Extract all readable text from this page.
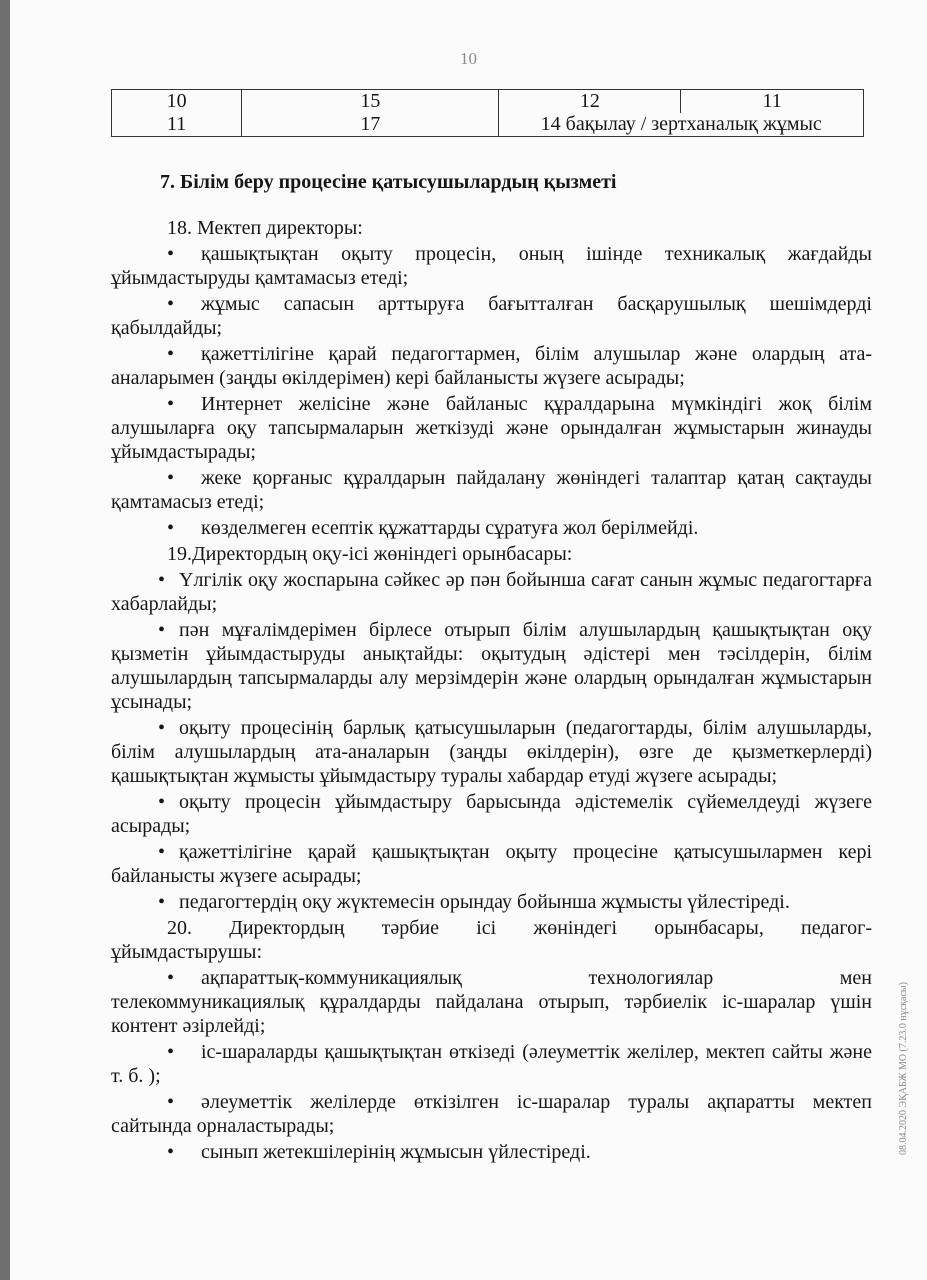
10
10	15	12	11
11	17	14 бақылау / зертханалық жұмыс	
7. Білім беру процесіне қатысушылардың қызметі
18. Мектеп директоры:
• қашықтықтан оқыту процесін, оның ішінде техникалық жағдайды ұйымдастыруды қамтамасыз етеді;
• жұмыс сапасын арттыруға бағытталған басқарушылық шешімдерді қабылдайды;
• қажеттілігіне қарай педагогтармен, білім алушылар және олардың ата-аналарымен (заңды өкілдерімен) кері байланысты жүзеге асырады;
• Интернет желісіне және байланыс құралдарына мүмкіндігі жоқ білім алушыларға оқу тапсырмаларын жеткізуді және орындалған жұмыстарын жинауды ұйымдастырады;
• жеке қорғаныс құралдарын пайдалану жөніндегі талаптар қатаң сақтауды қамтамасыз етеді;
• көзделмеген есептік құжаттарды сұратуға жол берілмейді.
19.Директордың оқу-ісі жөніндегі орынбасары:
• Үлгілік оқу жоспарына сәйкес әр пән бойынша сағат санын жұмыс педагогтарға хабарлайды;
• пән мұғалімдерімен бірлесе отырып білім алушылардың қашықтықтан оқу қызметін ұйымдастыруды анықтайды: оқытудың әдістері мен тәсілдерін, білім алушылардың тапсырмаларды алу мерзімдерін және олардың орындалған жұмыстарын ұсынады;
• оқыту процесінің барлық қатысушыларын (педагогтарды, білім алушыларды, білім алушылардың ата-аналарын (заңды өкілдерін), өзге де қызметкерлерді) қашықтықтан жұмысты ұйымдастыру туралы хабардар етуді жүзеге асырады;
• оқыту процесін ұйымдастыру барысында әдістемелік сүйемелдеуді жүзеге асырады;
• қажеттілігіне қарай қашықтықтан оқыту процесіне қатысушылармен кері байланысты жүзеге асырады;
• педагогтердің оқу жүктемесін орындау бойынша жұмысты үйлестіреді.
20. Директордың тәрбие ісі жөніндегі орынбасары, педагог-
ұйымдастырушы:
• ақпараттық-коммуникациялық технологиялар мен
телекоммуникациялық құралдарды пайдалана отырып, тәрбиелік іс-шаралар үшін контент әзірлейді;
• іс-шараларды қашықтықтан өткізеді (әлеуметтік желілер, мектеп сайты және т. б. );
• әлеуметтік желілерде өткізілген іс-шаралар туралы ақпаратты мектеп сайтында орналастырады;
• сынып жетекшілерінің жұмысын үйлестіреді.	08.04.2020 ЭҚАБЖ МО (7.23.0 нұсқасы)
